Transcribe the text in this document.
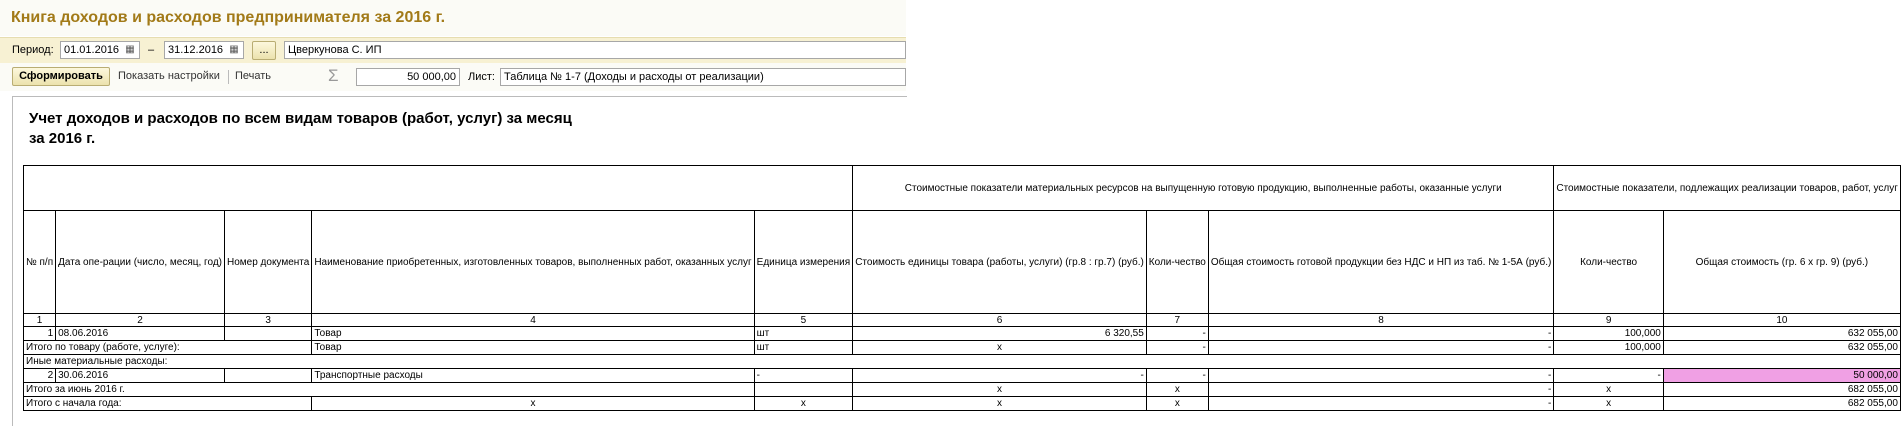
Книга доходов и расходов предпринимателя за 2016 г.
Период: 01.01.2016 ▦ –	31.12.2016 ▦	...	Цверкунова С. ИП
Сформировать	Показать настройки Печать	Σ	50 000,00	Лист: Таблица № 1-7 (Доходы и расходы от реализации)
Учет доходов и расходов по всем видам товаров (работ, услуг) за месяц
за 2016 г.
					Стоимостные показатели материальных ресурсов на выпущенную готовую продукцию, выполненные работы, оказанные услуги			Стоимостные показатели, подлежащих реализации товаров, работ, услуг	
№ п/п	Дата опе-рации (число, месяц, год)	Номер документа	Наименование приобретенных, изготовленных товаров, выполненных работ, оказанных услуг	Единица измерения	Стоимость единицы товара (работы, услуги) (гр.8 : гр.7) (руб.)	Коли-чество	Общая стоимость готовой продукции без НДС и НП из таб. № 1-5А (руб.)	Коли-чество	Общая стоимость (гр. 6 х гр. 9) (руб.)
1	2	3	4	5	6	7	8	9	10
1	08.06.2016		Товар	шт	6 320,55	-	-	100,000	632 055,00
Итого по товару (работе, услуге):			Товар	шт	x	-	-	100,000	632 055,00
Иные материальные расходы:									
2	30.06.2016		Транспортные расходы	-	-	-	-	-	50 000,00
Итого за июнь 2016 г.					x	x	-	x	682 055,00
Итого с начала года:			x	x	x	x	-	x	682 055,00
